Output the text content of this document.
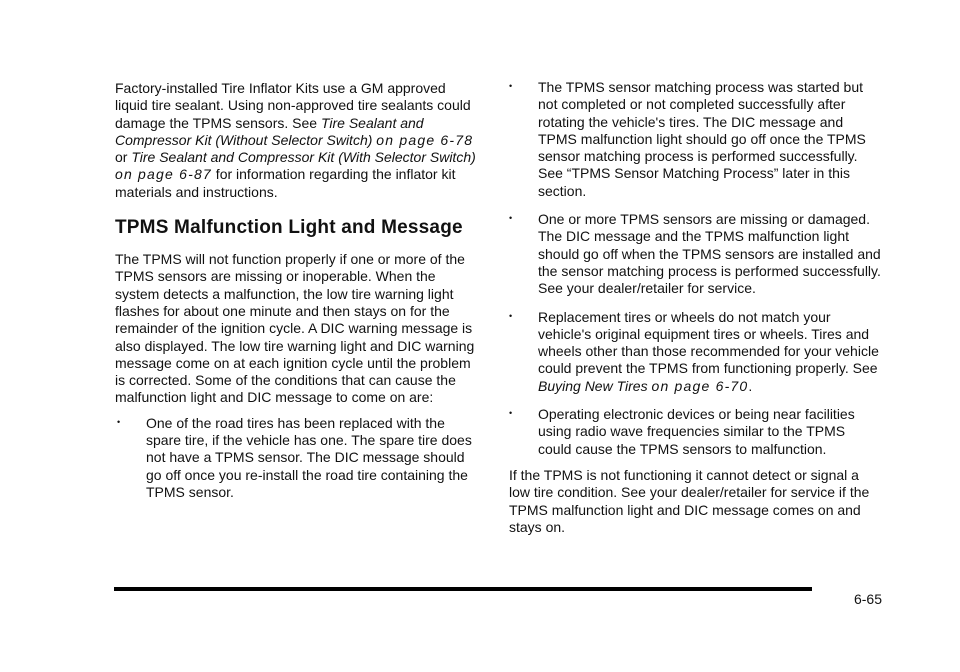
Factory-installed Tire Inflator Kits use a GM approved liquid tire sealant. Using non-approved tire sealants could damage the TPMS sensors. See Tire Sealant and Compressor Kit (Without Selector Switch) on page 6-78 or Tire Sealant and Compressor Kit (With Selector Switch) on page 6-87 for information regarding the inflator kit materials and instructions.

TPMS Malfunction Light and Message

The TPMS will not function properly if one or more of the TPMS sensors are missing or inoperable. When the system detects a malfunction, the low tire warning light flashes for about one minute and then stays on for the remainder of the ignition cycle. A DIC warning message is also displayed. The low tire warning light and DIC warning message come on at each ignition cycle until the problem is corrected. Some of the conditions that can cause the malfunction light and DIC message to come on are:

• One of the road tires has been replaced with the spare tire, if the vehicle has one. The spare tire does not have a TPMS sensor. The DIC message should go off once you re-install the road tire containing the TPMS sensor.
• The TPMS sensor matching process was started but not completed or not completed successfully after rotating the vehicle's tires. The DIC message and TPMS malfunction light should go off once the TPMS sensor matching process is performed successfully. See “TPMS Sensor Matching Process” later in this section.
• One or more TPMS sensors are missing or damaged. The DIC message and the TPMS malfunction light should go off when the TPMS sensors are installed and the sensor matching process is performed successfully. See your dealer/retailer for service.
• Replacement tires or wheels do not match your vehicle's original equipment tires or wheels. Tires and wheels other than those recommended for your vehicle could prevent the TPMS from functioning properly. See Buying New Tires on page 6-70.
• Operating electronic devices or being near facilities using radio wave frequencies similar to the TPMS could cause the TPMS sensors to malfunction.

If the TPMS is not functioning it cannot detect or signal a low tire condition. See your dealer/retailer for service if the TPMS malfunction light and DIC message comes on and stays on.

6-65
